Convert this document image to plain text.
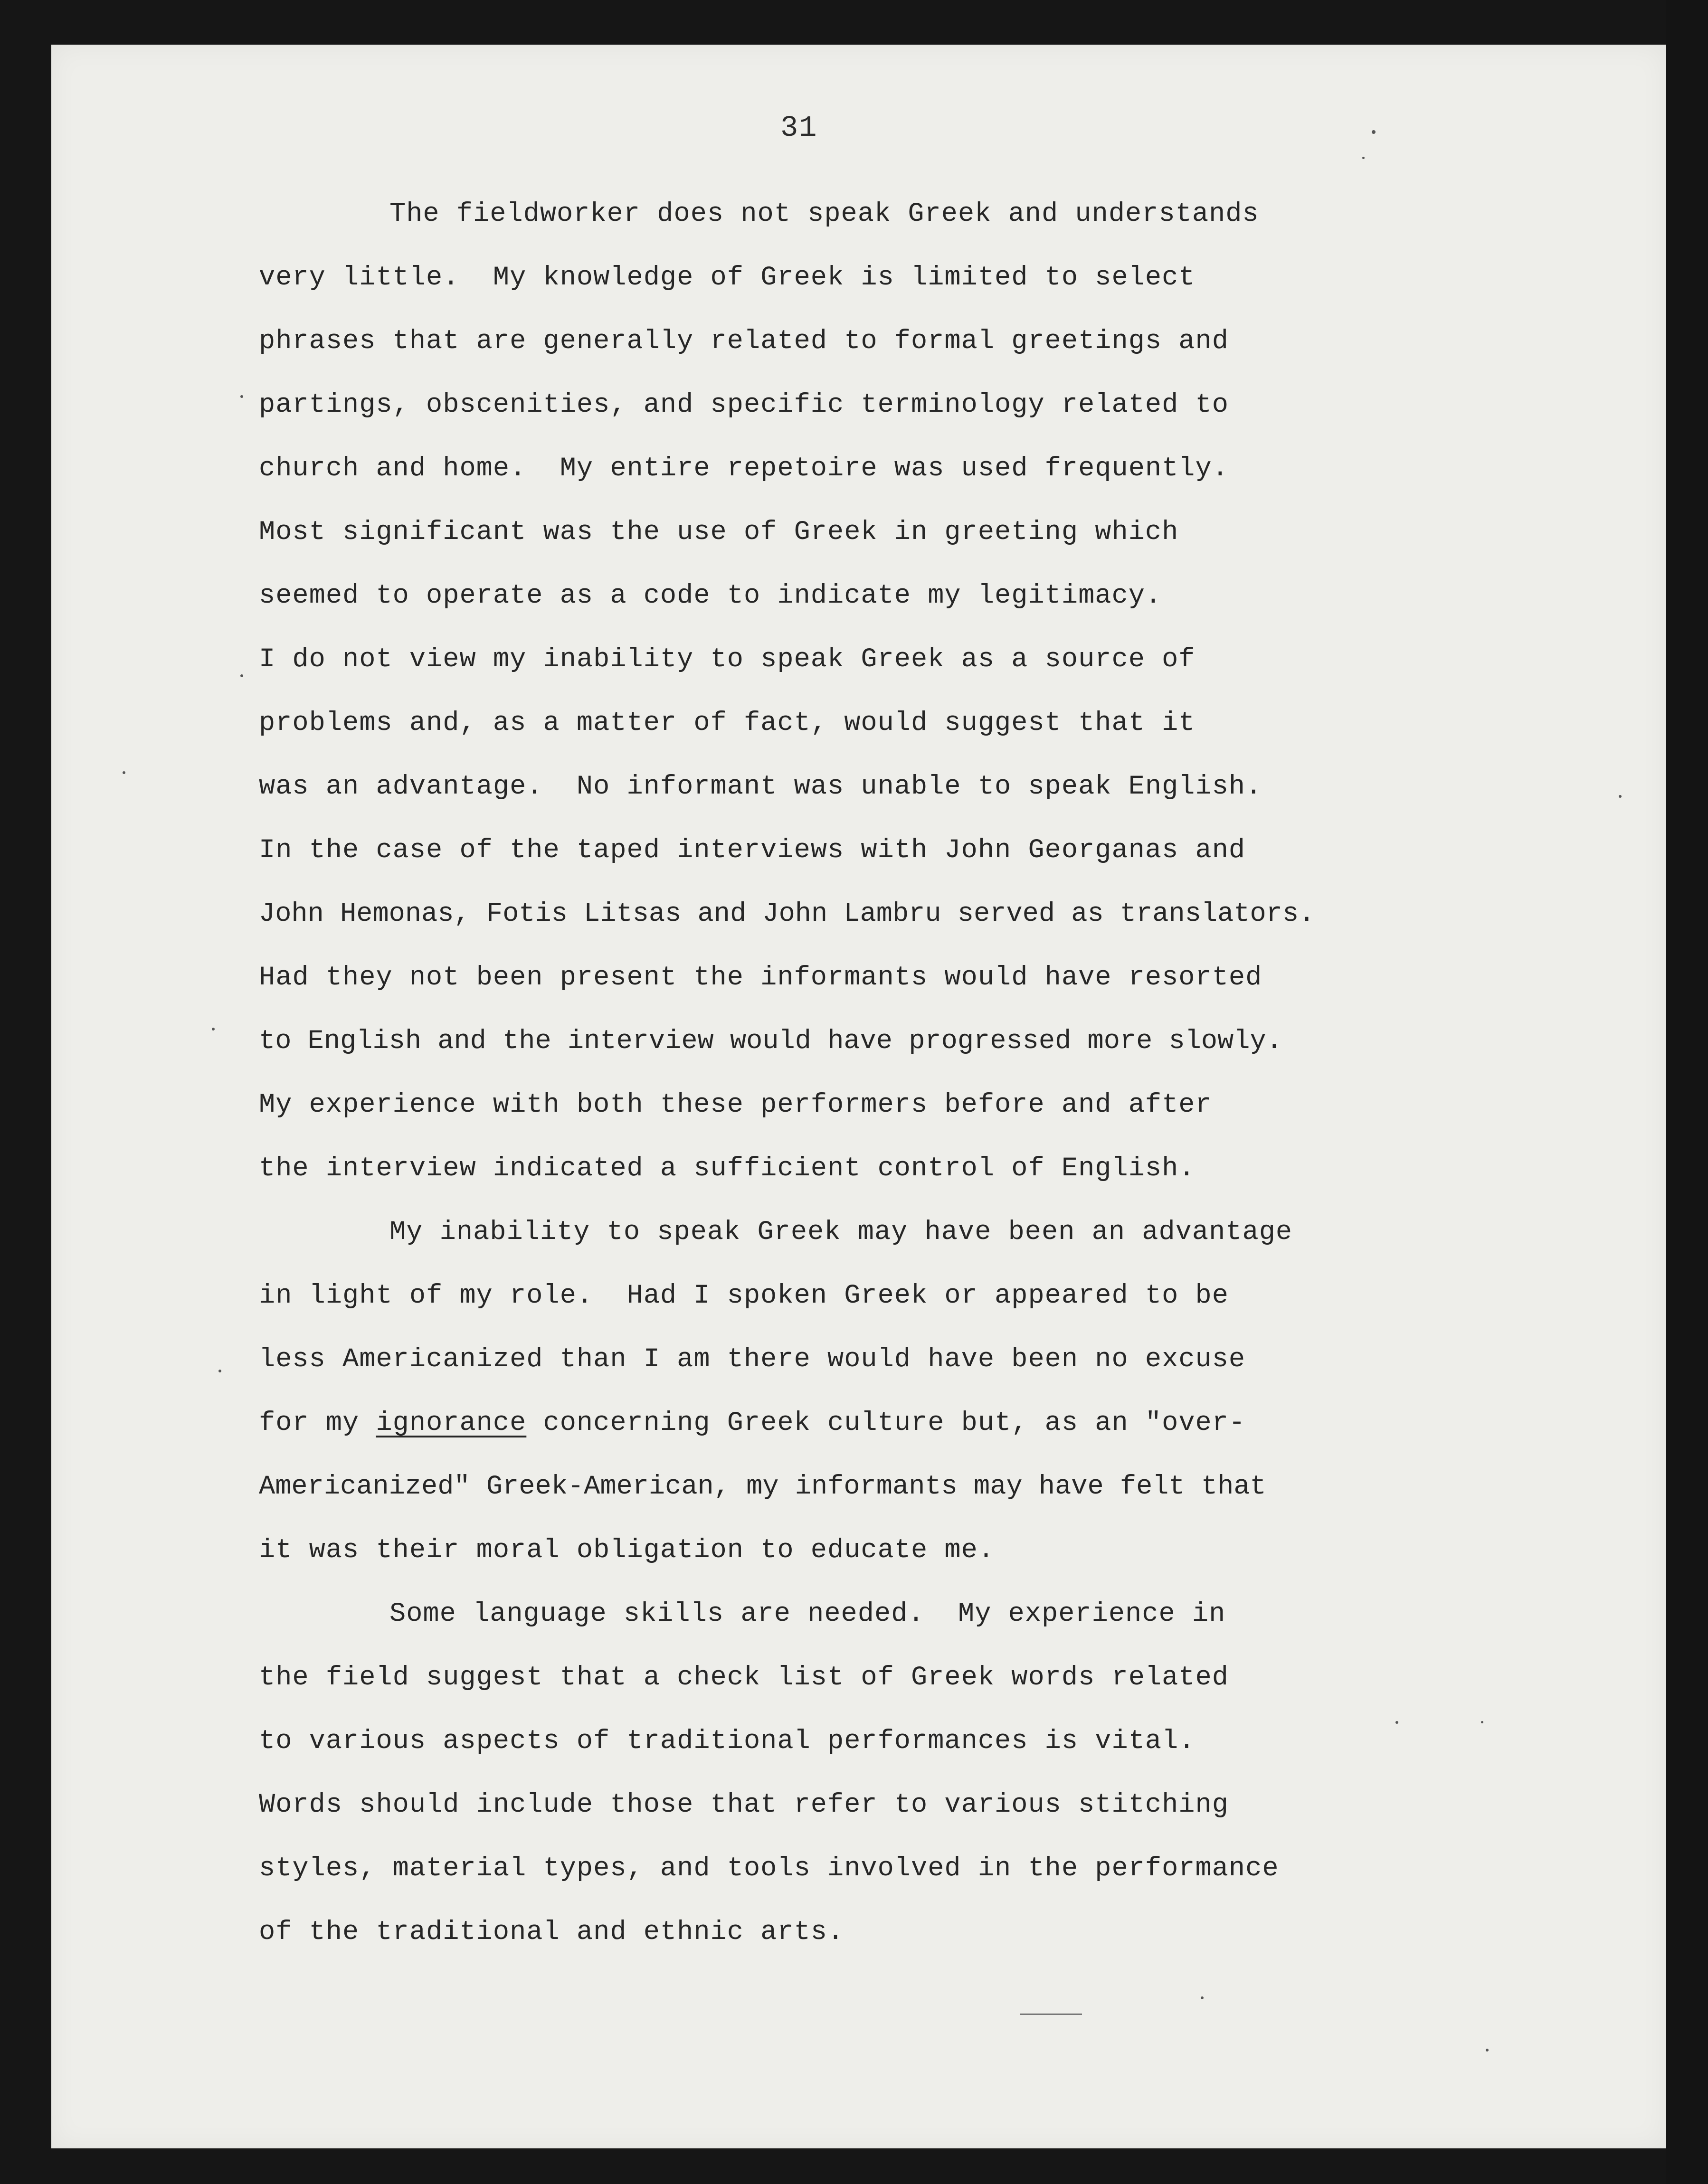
31
The fieldworker does not speak Greek and understands
very little.  My knowledge of Greek is limited to select
phrases that are generally related to formal greetings and
partings, obscenities, and specific terminology related to
church and home.  My entire repetoire was used frequently.
Most significant was the use of Greek in greeting which
seemed to operate as a code to indicate my legitimacy.
I do not view my inability to speak Greek as a source of
problems and, as a matter of fact, would suggest that it
was an advantage.  No informant was unable to speak English.
In the case of the taped interviews with John Georganas and
John Hemonas, Fotis Litsas and John Lambru served as translators.
Had they not been present the informants would have resorted
to English and the interview would have progressed more slowly.
My experience with both these performers before and after
the interview indicated a sufficient control of English.
My inability to speak Greek may have been an advantage
in light of my role.  Had I spoken Greek or appeared to be
less Americanized than I am there would have been no excuse
for my ignorance concerning Greek culture but, as an "over-
Americanized" Greek-American, my informants may have felt that
it was their moral obligation to educate me.
Some language skills are needed.  My experience in
the field suggest that a check list of Greek words related
to various aspects of traditional performances is vital.
Words should include those that refer to various stitching
styles, material types, and tools involved in the performance
of the traditional and ethnic arts.
